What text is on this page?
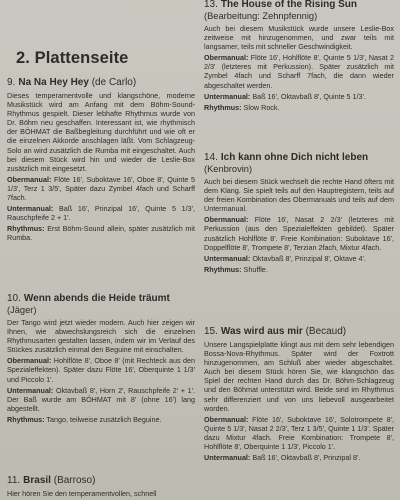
2. Plattenseite
9. Na Na Hey Hey (de Carlo)

Dieses temperamentvolle und klangschöne, moderne Musikstück wird am Anfang mit dem Böhm-Sound-Rhythmus gespielt. Dieser lebhafte Rhythmus wurde von Dr. Böhm neu geschaffen. Interessant ist, wie rhythmisch der BÖHMAT die Baßbegleitung durchführt und wie oft er die einzelnen Akkorde anschlagen läßt. Vom Schlagzeug-Solo an wird zusätzlich die Rumba mit eingeschaltet. Auch bei diesem Stück wird hin und wieder die Leslie-Box zusätzlich mit eingesetzt.

Obermanual: Flöte 16', Suboktave 16', Oboe 8', Quinte 5 1/3', Terz 1 3/5', Später dazu Zymbel 4fach und Scharff 7fach.

Untermanual: Baß 16', Prinzipal 16', Quinte 5 1/3', Rauschpfeife 2 + 1'.

Rhythmus: Erst Böhm-Sound allein, später zusätzlich mit Rumba.

10. Wenn abends die Heide träumt
(Jäger)

Der Tango wird jetzt wieder modern. Auch hier zeigen wir Ihnen, wie abwechslungsreich sich die einzelnen Rhythmusarten gestalten lassen, indem wir im Verlauf des Stückes zusätzlich einmal den Beguine mit einschalten.

Obermanual: Hohlflöte 8', Oboe 8' (mit Rechteck aus den Spezialeffekten). Später dazu Flöte 16', Oberquinte 1 1/3' und Piccolo 1'.

Untermanual: Oktavbaß 8', Horn 2', Rauschpfeife 2' + 1'. Der Baß wurde am BÖHMAT mit 8' (ohne 16') lang abgestellt.

Rhythmus: Tango, teilweise zusätzlich Beguine.

11. Brasil (Barroso)

Hier hören Sie den temperamentvollen, schnell

13. The House of the Rising Sun
(Bearbeitung: Zehnpfennig)

Auch bei diesem Musikstück wurde unsere Leslie-Box zeitweise mit hinzugenommen, und zwar teils mit langsamer, teils mit schneller Geschwindigkeit.

Obermanual: Flöte 16', Hohlflöte 8', Quinte 5 1/3', Nasat 2 2/3' (letzteres mit Perkussion). Später zusätzlich mit Zymbel 4fach und Scharff 7fach, die dann wieder abgeschaltet werden.

Untermanual: Baß 16', Oktavbaß 8', Quinte 5 1/3'.

Rhythmus: Slow Rock.

14. Ich kann ohne Dich nicht leben
(Kenbrovin)

Auch bei diesem Stück wechselt die rechte Hand öfters mit dem Klang. Sie spielt teils auf den Hauptregistern, teils auf der freien Kombination des Obermanuals und teils auf dem Untermanual.

Obermanual: Flöte 16', Nasat 2 2/3' (letzteres mit Perkussion (aus den Spezialeffekten gebildet). Später zusätzlich Hohlflöte 8'. Freie Kombination: Suboktave 16', Doppelflöte 8', Trompete 8', Terzian 2fach, Mixtur 4fach.

Untermanual: Oktavbaß 8', Prinzipal 8', Oktave 4'.

Rhythmus: Shuffle.

15. Was wird aus mir (Becaud)

Unsere Langspielplatte klingt aus mit dem sehr lebendigen Bossa-Nova-Rhythmus. Später wird der Foxtrott hinzugenommen, am Schluß aber wieder abgeschaltet. Auch bei diesem Stück hören Sie, wie klangschön das Spiel der rechten Hand durch das Dr. Böhm-Schlagzeug und den Böhmat unterstützt wird. Beide sind im Rhythmus sehr differenziert und von uns liebevoll ausgearbeitet worden.

Obermanual: Flöte 16', Suboktave 16', Solotrompete 8', Quinte 5 1/3', Nasat 2 2/3', Terz 1 3/5', Quinte 1 1/3'. Später dazu Mixtur 4fach. Freie Kombination: Trompete 8', Hohlflöte 8', Oberquinte 1 1/3', Piccolo 1'.

Untermanual: Baß 16', Oktavbaß 8', Prinzipal 8'.
